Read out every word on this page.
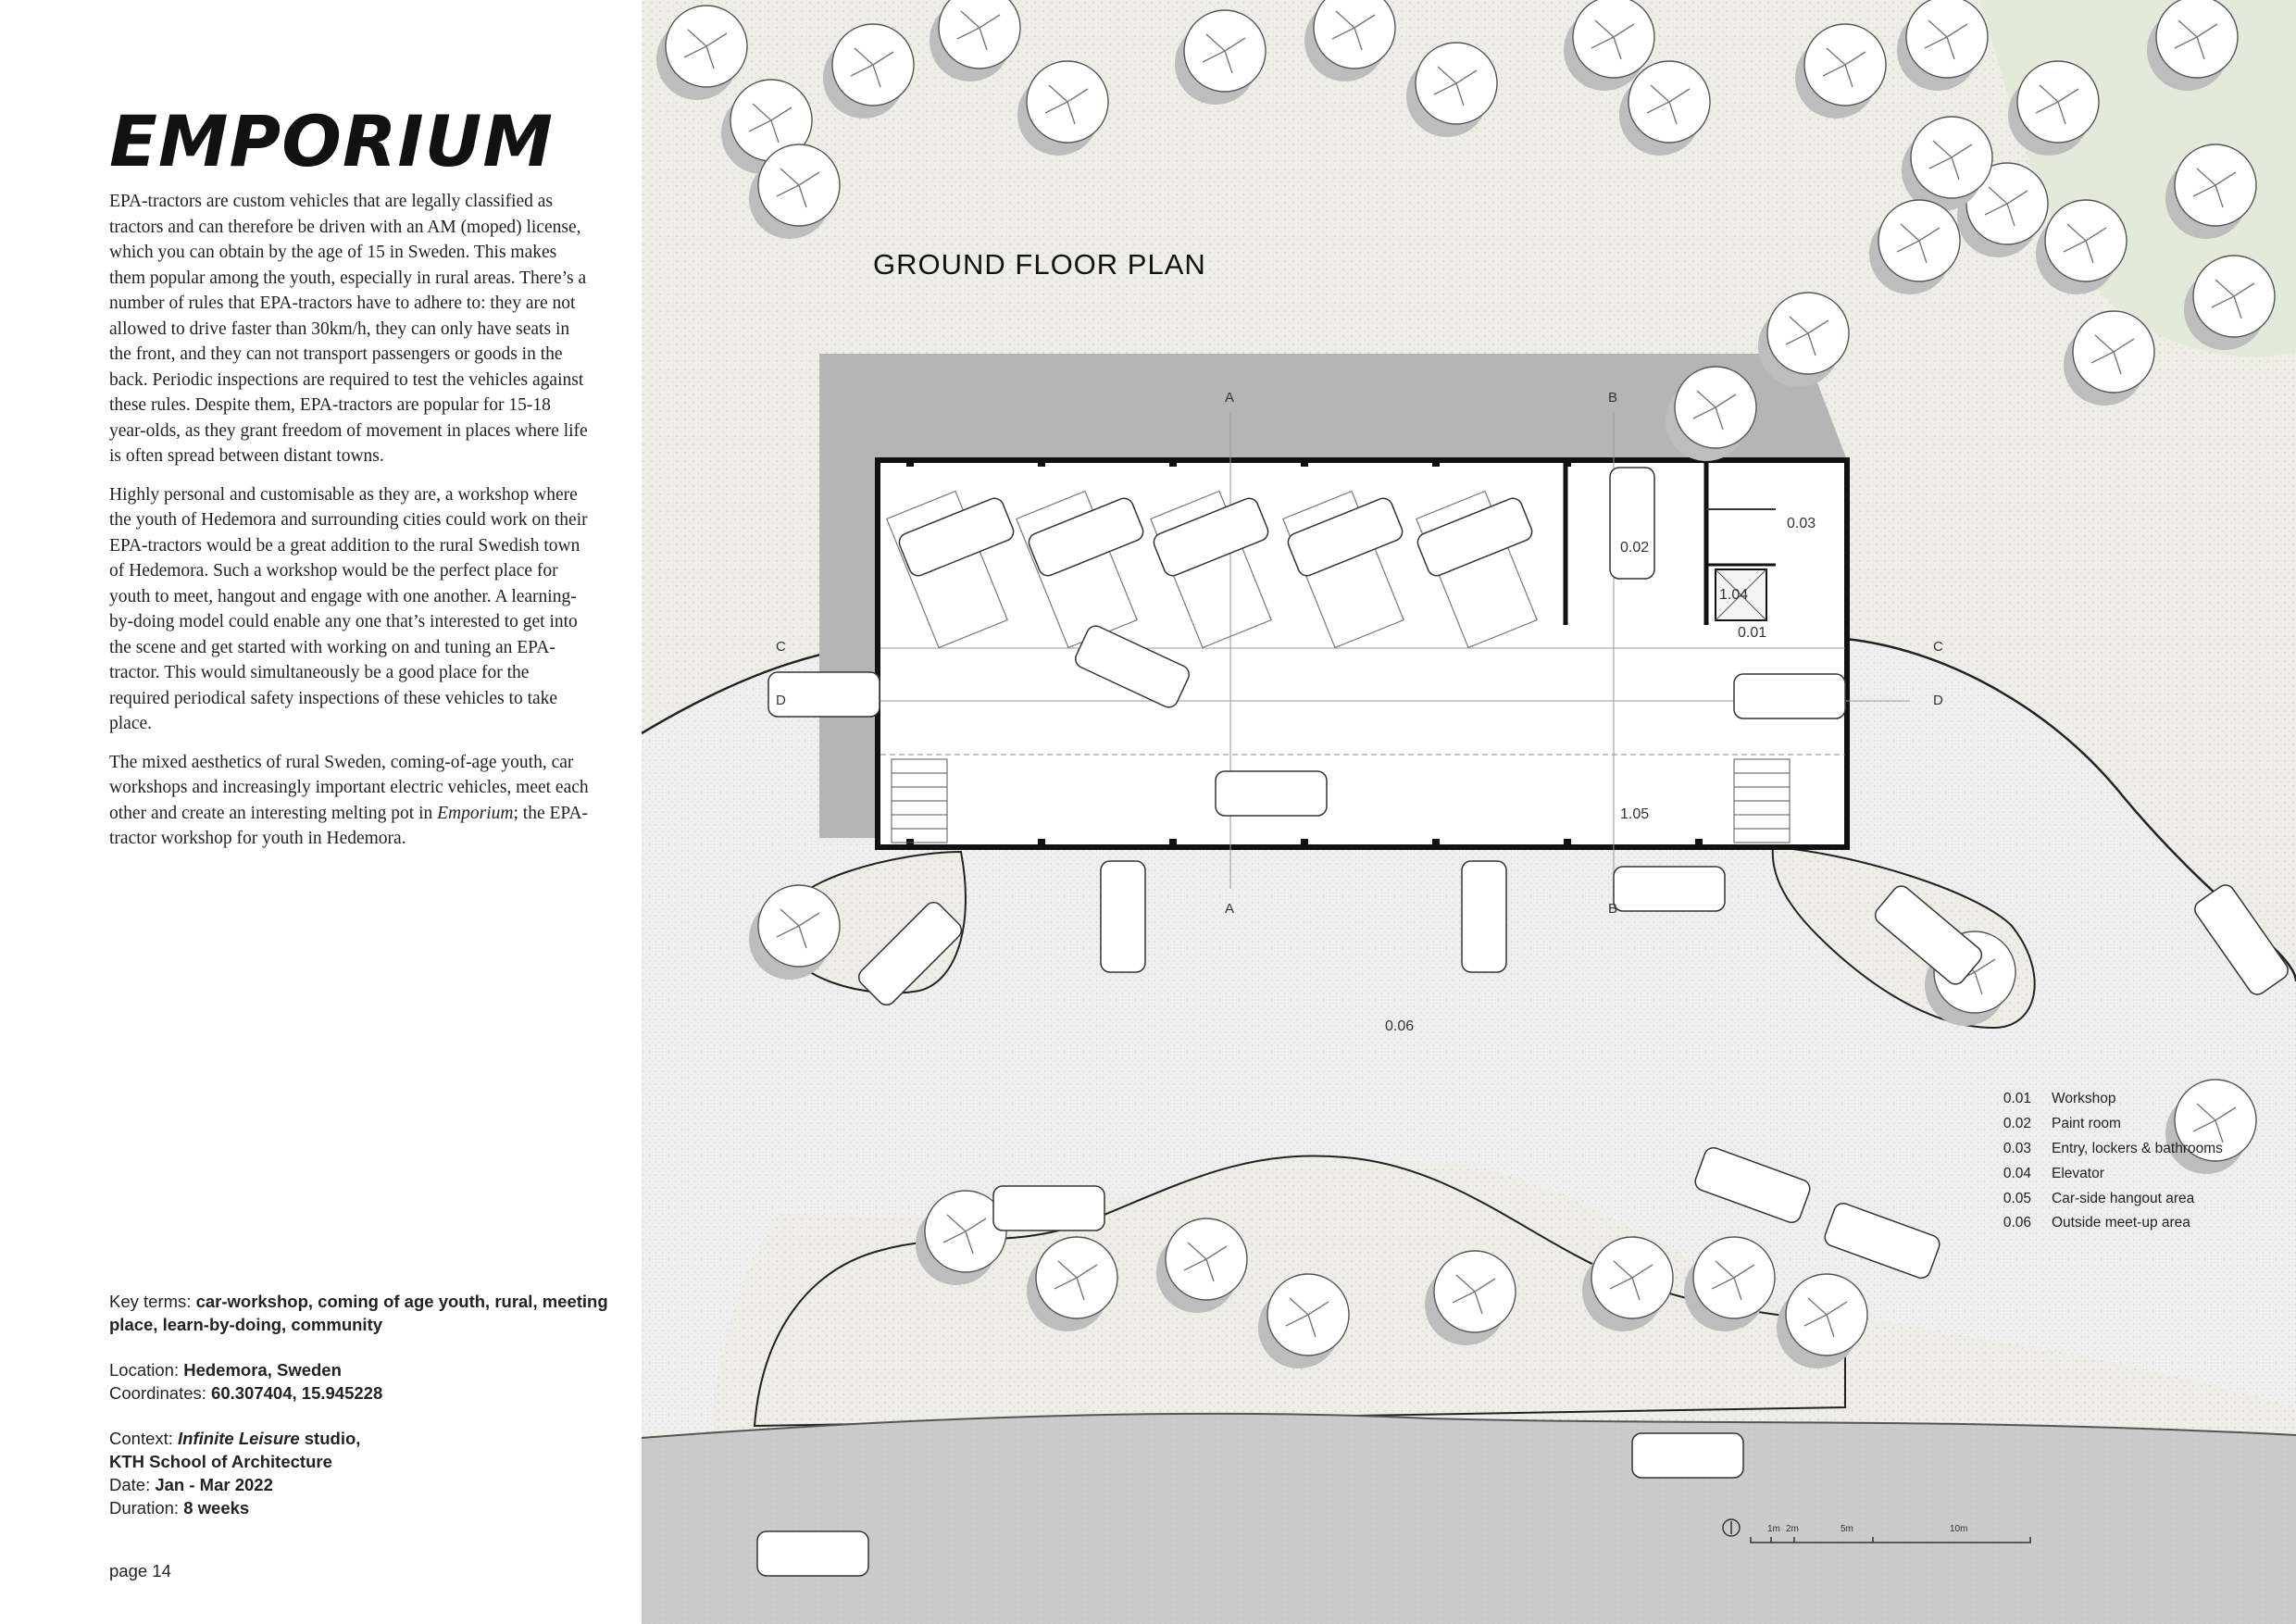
EMPORIUM

EPA-tractors are custom vehicles that are legally classified as tractors and can therefore be driven with an AM (moped) license, which you can obtain by the age of 15 in Sweden. This makes them popular among the youth, especially in rural areas. There’s a number of rules that EPA-tractors have to adhere to: they are not allowed to drive faster than 30km/h, they can only have seats in the front, and they can not transport passengers or goods in the back. Periodic inspections are required to test the vehicles against these rules. Despite them, EPA-tractors are popular for 15-18 year-olds, as they grant freedom of movement in places where life is often spread between distant towns.

Highly personal and customisable as they are, a workshop where the youth of Hedemora and surrounding cities could work on their EPA-tractors would be a great addition to the rural Swedish town of Hedemora. Such a workshop would be the perfect place for youth to meet, hangout and engage with one another. A learning-by-doing model could enable any one that’s interested to get into the scene and get started with working on and tuning an EPA-tractor. This would simultaneously be a good place for the required periodical safety inspections of these vehicles to take place.

The mixed aesthetics of rural Sweden, coming-of-age youth, car workshops and increasingly important electric vehicles, meet each other and create an interesting melting pot in Emporium; the EPA-tractor workshop for youth in Hedemora.

Key terms: car-workshop, coming of age youth, rural, meeting place, learn-by-doing, community
Location: Hedemora, Sweden
Coordinates: 60.307404, 15.945228
Context: Infinite Leisure studio,
KTH School of Architecture
Date: Jan - Mar 2022
Duration: 8 weeks
page 14
GROUND FLOOR PLAN
0.01
0.02
0.03
1.04
1.05
0.06
A
A
B
B
C	C
D	D
1m 2m	5m	10m
0.01 Workshop
0.02 Paint room
0.03 Entry, lockers & bathrooms
0.04 Elevator
0.05 Car-side hangout area
0.06 Outside meet-up area
